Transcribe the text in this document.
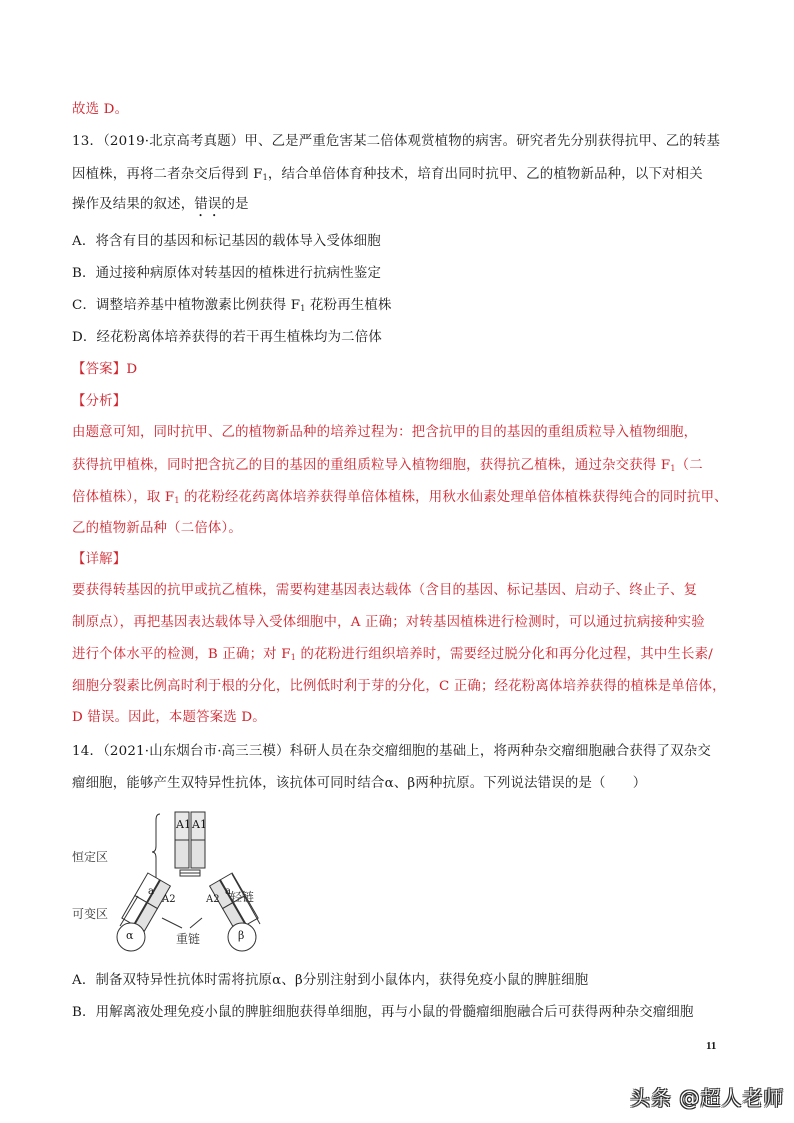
故选 D。
13．（2019·北京高考真题）甲、乙是严重危害某二倍体观赏植物的病害。研究者先分别获得抗甲、乙的转基
因植株，再将二者杂交后得到 $F_1$，结合单倍体育种技术，培育出同时抗甲、乙的植物新品种，以下对相关
操作及结果的叙述，错误的是
A．将含有目的基因和标记基因的载体导入受体细胞
B．通过接种病原体对转基因的植株进行抗病性鉴定
C．调整培养基中植物激素比例获得 $F_1$ 花粉再生植株
D．经花粉离体培养获得的若干再生植株均为二倍体
【答案】D
【分析】
由题意可知，同时抗甲、乙的植物新品种的培养过程为：把含抗甲的目的基因的重组质粒导入植物细胞，
获得抗甲植株，同时把含抗乙的目的基因的重组质粒导入植物细胞，获得抗乙植株，通过杂交获得 $F_1$（二
倍体植株），取 $F_1$ 的花粉经花药离体培养获得单倍体植株，用秋水仙素处理单倍体植株获得纯合的同时抗甲、
乙的植物新品种（二倍体）。
【详解】
要获得转基因的抗甲或抗乙植株，需要构建基因表达载体（含目的基因、标记基因、启动子、终止子、复
制原点），再把基因表达载体导入受体细胞中，A 正确；对转基因植株进行检测时，可以通过抗病接种实验
进行个体水平的检测，B 正确；对 $F_1$ 的花粉进行组织培养时，需要经过脱分化和再分化过程，其中生长素/
细胞分裂素比例高时利于根的分化，比例低时利于芽的分化，C 正确；经花粉离体培养获得的植株是单倍体，
D 错误。因此，本题答案选 D。
14．（2021·山东烟台市·高三三模）科研人员在杂交瘤细胞的基础上，将两种杂交瘤细胞融合获得了双杂交
瘤细胞，能够产生双特异性抗体，该抗体可同时结合α、β两种抗原。下列说法错误的是（　　）
A1 A1
a
A2	A2
a
恒定区
可变区
轻链
重链
α	β
A．制备双特异性抗体时需将抗原α、β分别注射到小鼠体内，获得免疫小鼠的脾脏细胞
B．用解离液处理免疫小鼠的脾脏细胞获得单细胞，再与小鼠的骨髓瘤细胞融合后可获得两种杂交瘤细胞
11
头条 @超人老师
